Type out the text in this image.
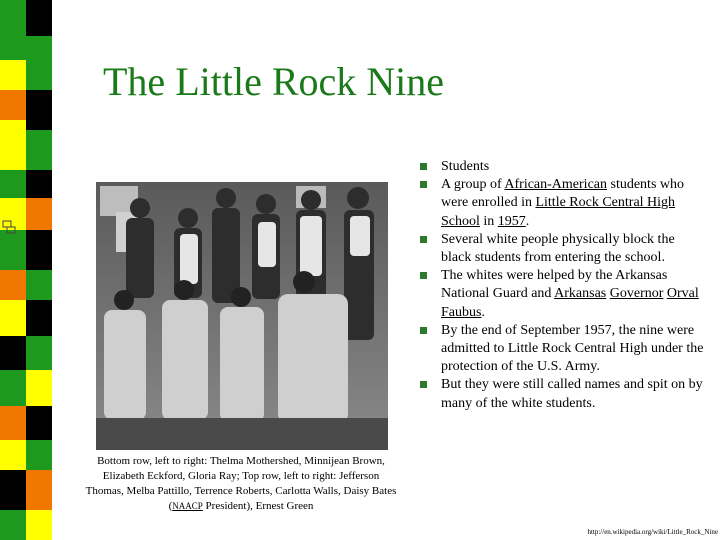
The Little Rock Nine
Bottom row, left to right: Thelma Mothershed, Minnijean Brown, Elizabeth Eckford, Gloria Ray; Top row, left to right: Jefferson Thomas, Melba Pattillo, Terrence Roberts, Carlotta Walls, Daisy Bates (NAACP President), Ernest Green
Students
A group of African-American students who were enrolled in Little Rock Central High School in 1957.
Several white people physically block the black students from entering the school.
The whites were helped by the Arkansas National Guard and Arkansas Governor Orval Faubus.
By the end of September 1957, the nine were admitted to Little Rock Central High under the protection of the U.S. Army.
But they were still called names and spit on by many of the white students.
http://en.wikipedia.org/wiki/Little_Rock_Nine
